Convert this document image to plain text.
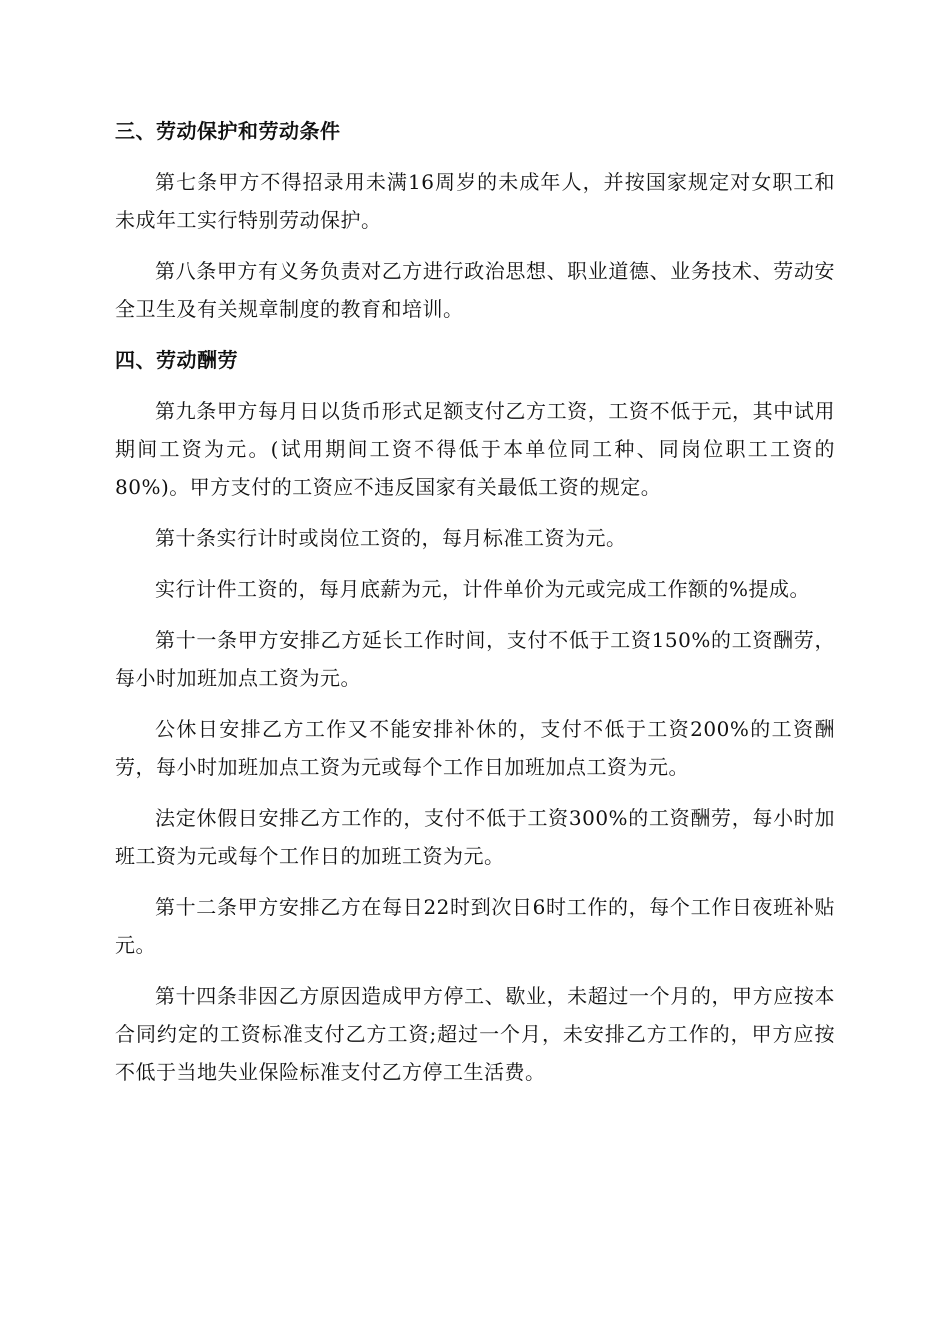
三、劳动保护和劳动条件

第七条甲方不得招录用未满16周岁的未成年人，并按国家规定对女职工和未成年工实行特别劳动保护。

第八条甲方有义务负责对乙方进行政治思想、职业道德、业务技术、劳动安全卫生及有关规章制度的教育和培训。

四、劳动酬劳

第九条甲方每月日以货币形式足额支付乙方工资，工资不低于元，其中试用期间工资为元。(试用期间工资不得低于本单位同工种、同岗位职工工资的80%)。甲方支付的工资应不违反国家有关最低工资的规定。

第十条实行计时或岗位工资的，每月标准工资为元。

实行计件工资的，每月底薪为元，计件单价为元或完成工作额的%提成。

第十一条甲方安排乙方延长工作时间，支付不低于工资150%的工资酬劳，每小时加班加点工资为元。

公休日安排乙方工作又不能安排补休的，支付不低于工资200%的工资酬劳，每小时加班加点工资为元或每个工作日加班加点工资为元。

法定休假日安排乙方工作的，支付不低于工资300%的工资酬劳，每小时加班工资为元或每个工作日的加班工资为元。

第十二条甲方安排乙方在每日22时到次日6时工作的，每个工作日夜班补贴元。

第十四条非因乙方原因造成甲方停工、歇业，未超过一个月的，甲方应按本合同约定的工资标准支付乙方工资;超过一个月，未安排乙方工作的，甲方应按不低于当地失业保险标准支付乙方停工生活费。
